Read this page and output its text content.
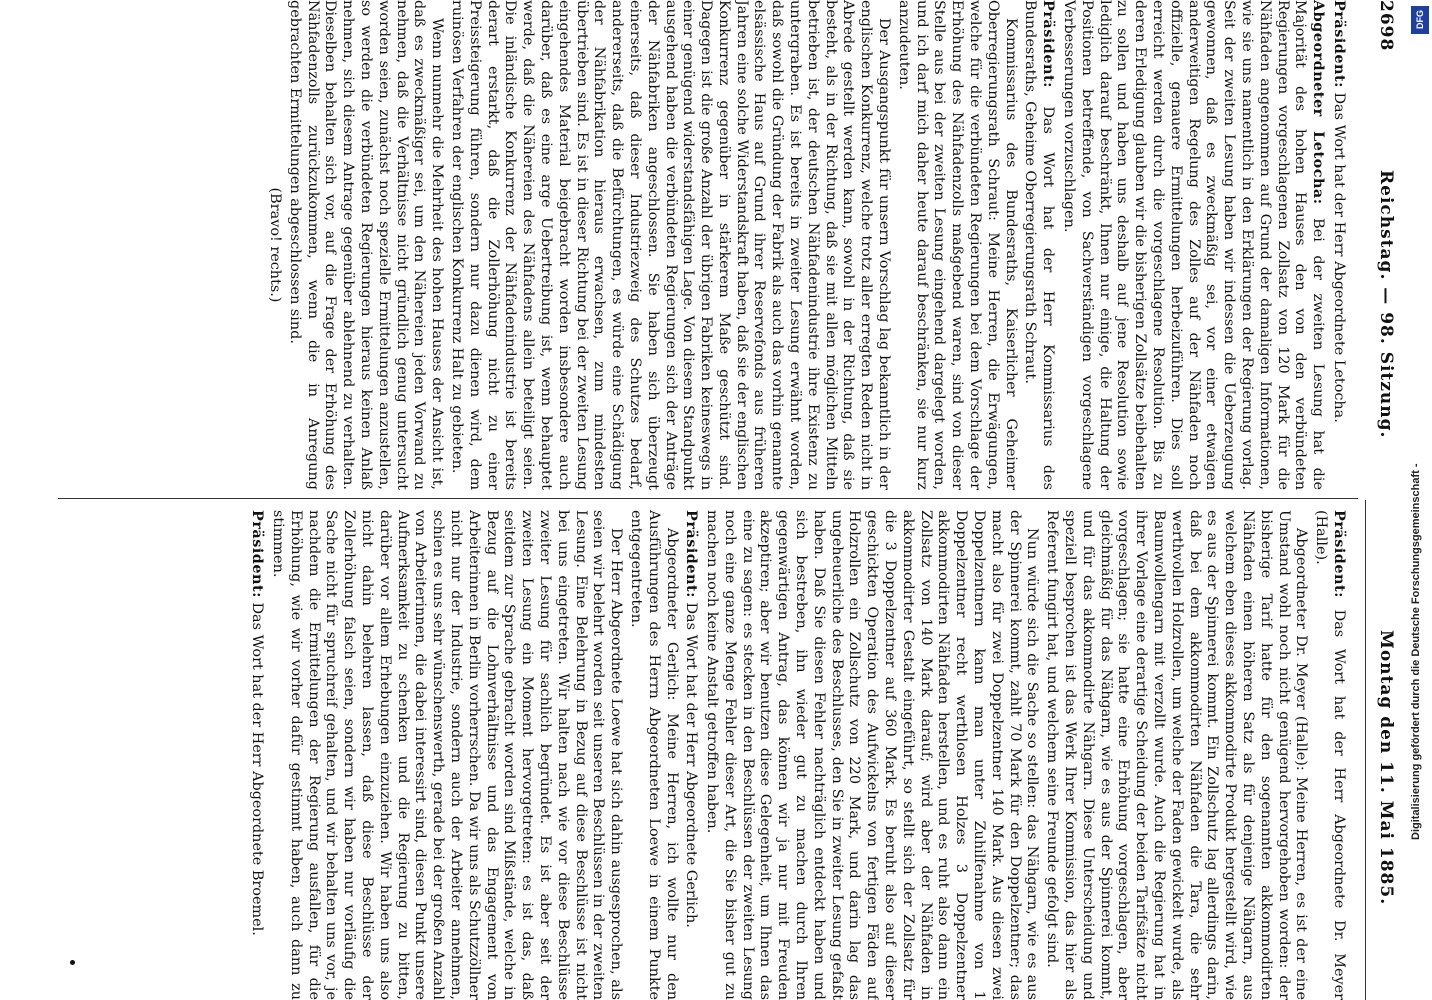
2698
Reichstag. — 98. Sitzung.
Montag den 11. Mai 1885.

Präsident: Das Wort hat der Herr Abgeordnete Letocha.

Abgeordneter Letocha: Bei der zweiten Lesung hat die Majorität des hohen Hauses den von den verbündeten Regierungen vorgeschlagenen Zollsatz von 120 Mark für die Nähfaden angenommen auf Grund der damaligen Informationen, wie sie uns namentlich in den Erklärungen der Regierung vorlag. Seit der zweiten Lesung haben wir indessen die Ueberzeugung gewonnen, daß es zweckmäßig sei, vor einer etwaigen anderweitigen Regelung des Zolles auf der Nähfaden noch offizielle, genauere Ermittelungen herbeizuführen. Dies soll erreicht werden durch die vorgeschlagene Resolution. Bis zu deren Erledigung glauben wir die bisherigen Zollsätze beibehalten zu sollen und haben uns deshalb auf jene Resolution sowie lediglich darauf beschränkt, Ihnen nur einige, die Haltung der Positionen betreffende, von Sachverständigen vorgeschlagene Verbesserungen vorzuschlagen.

Präsident: Das Wort hat der Herr Kommissarius des Bundesraths, Geheime Oberregierungsrath Schraut.

Kommissarius des Bundesraths, Kaiserlicher Geheimer Oberregierungsrath Schraut: Meine Herren, die Erwägungen, welche für die verbündeten Regierungen bei dem Vorschlage der Erhöhung des Nähfadenzolls maßgebend waren, sind von dieser Stelle aus bei der zweiten Lesung eingehend dargelegt worden, und ich darf mich daher heute darauf beschränken, sie nur kurz anzudeuten.

Der Ausgangspunkt für unsern Vorschlag lag bekanntlich in der englischen Konkurrenz, welche trotz aller erregten Reden nicht in Abrede gestellt werden kann, sowohl in der Richtung, daß sie besteht, als in der Richtung, daß sie mit allen möglichen Mitteln betrieben ist, der deutschen Nähfadenindustrie ihre Existenz zu untergraben. Es ist bereits in zweiter Lesung erwähnt worden, daß sowohl die Gründung der Fabrik als auch das vorhin genannte elsässische Haus auf Grund ihrer Reservefonds aus früheren Jahren eine solche Widerstandskraft haben, daß sie der englischen Konkurrenz gegenüber in stärkerem Maße geschützt sind. Dagegen ist die große Anzahl der übrigen Fabriken keineswegs in einer genügend widerstandsfähigen Lage. Von diesem Standpunkt ausgehend haben die verbündeten Regierungen sich der Anträge der Nähfabriken angeschlossen. Sie haben sich überzeugt einerseits, daß dieser Industriezweig des Schutzes bedarf, andererseits, daß die Befürchtungen, es würde eine Schädigung der Nähfabrikation hieraus erwachsen, zum mindesten übertrieben sind. Es ist in dieser Richtung bei der zweiten Lesung eingehendes Material beigebracht worden insbesondere auch darüber, daß es eine arge Uebertreibung ist, wenn behauptet werde, daß die Nähereien des Nähfadens allein beteiligt seien. Die inländische Konkurrenz der Nähfadenindustrie ist bereits derart erstarkt, daß die Zollerhöhung nicht zu einer Preissteigerung führen, sondern nur dazu dienen wird, dem ruinösen Verfahren der englischen Konkurrenz Halt zu gebieten.

Wenn nunmehr die Mehrheit des hohen Hauses der Ansicht ist, daß es zweckmäßiger sei, um den Nähereien jeden Vorwand zu nehmen, daß die Verhältnisse nicht gründlich genug untersucht worden seien, zunächst noch spezielle Ermittelungen anzustellen, so werden die verbündeten Regierungen hieraus keinen Anlaß nehmen, sich diesem Antrage gegenüber ablehnend zu verhalten. Dieselben behalten sich vor, auf die Frage der Erhöhung des Nähfadenzolls zurückzukommen, wenn die in Anregung gebrachten Ermittelungen abgeschlossen sind.

(Bravo! rechts.)

Präsident: Das Wort hat der Herr Abgeordnete Dr. Meyer (Halle).

Abgeordneter Dr. Meyer (Halle): Meine Herren, es ist der eine Umstand wohl noch nicht genügend hervorgehoben worden: der bisherige Tarif hatte für den sogenannten akkommodirten Nähfaden einen höheren Satz als für denjenige Nähgarn, aus welchem eben dieses akkommodirte Produkt hergestellt wird, wie es aus der Spinnerei kommt. Ein Zollschutz lag allerdings darin, daß bei dem akkommodirten Nähfaden die Tara, die sehr werthvollen Holzrollen, um welche der Faden gewickelt wurde, als Baumwollengarn mit verzollt wurde. Auch die Regierung hat in ihrer Vorlage eine derartige Scheidung der beiden Tarifsätze nicht vorgeschlagen; sie hatte eine Erhöhung vorgeschlagen, aber gleichmäßig für das Nähgarn, wie es aus der Spinnerei kommt, und für das akkommodirte Nähgarn. Diese Unterscheidung und speziell besprochen ist das Werk Ihrer Kommission, das hier als Referent fungirt hat, und welchem seine Freunde gefolgt sind.

Nun würde sich die Sache so stellen: das Nähgarn, wie es aus der Spinnerei kommt, zahlt 70 Mark für den Doppelzentner; das macht also für zwei Doppelzentner 140 Mark. Aus diesen zwei Doppelzentnern kann man unter Zuhilfenahme von 1 Doppelzentner recht werthlosen Holzes 3 Doppelzentner akkommodirten Nähfaden herstellen, und es ruht also dann ein Zollsatz von 140 Mark darauf; wird aber der Nähfaden in akkommodirter Gestalt eingeführt, so stellt sich der Zollsatz für die 3 Doppelzentner auf 360 Mark. Es beruht also auf dieser geschickten Operation des Aufwickelns von fertigen Fäden auf Holzrollen ein Zollschutz von 220 Mark, und darin lag das ungeheuerliche des Beschlusses, den Sie in zweiter Lesung gefaßt haben. Daß Sie diesen Fehler nachträglich entdeckt haben und sich bestreben, ihn wieder gut zu machen durch Ihren gegenwärtigen Antrag, das können wir ja nur mit Freuden akzeptiren; aber wir benutzen diese Gelegenheit, um Ihnen das eine zu sagen: es stecken in den Beschlüssen der zweiten Lesung noch eine ganze Menge Fehler dieser Art, die Sie bisher gut zu machen noch keine Anstalt getroffen haben.

Präsident: Das Wort hat der Herr Abgeordnete Gerlich.

Abgeordneter Gerlich: Meine Herren, ich wollte nur den Ausführungen des Herrn Abgeordneten Loewe in einem Punkte entgegentreten.

Der Herr Abgeordnete Loewe hat sich dahin ausgesprochen, als seien wir belehrt worden seit unseren Beschlüssen in der zweiten Lesung. Eine Belehrung in Bezug auf diese Beschlüsse ist nicht bei uns eingetreten. Wir halten nach wie vor diese Beschlüsse zweiter Lesung für sachlich begründet. Es ist aber seit der zweiten Lesung ein Moment hervorgetreten: es ist das, daß seitdem zur Sprache gebracht worden sind Mißstände, welche in Bezug auf die Lohnverhältnisse und das Engagement von Arbeiterinnen in Berlin vorherrschen. Da wir uns als Schutzzöllner nicht nur der Industrie, sondern auch der Arbeiter annehmen, schien es uns sehr wünschenswerth, gerade bei der großen Anzahl von Arbeiterinnen, die dabei interessirt sind, diesen Punkt unsere Aufmerksamkeit zu schenken und die Regierung zu bitten, darüber vor allem Erhebungen einzuziehen. Wir haben uns also nicht dahin belehren lassen, daß diese Beschlüsse der Zollerhöhung falsch seien, sondern wir haben nur vorläufig die Sache nicht für spruchreif gehalten, und wir behalten uns vor, je nachdem die Ermittelungen der Regierung ausfallen, für die Erhöhung, wie wir vorher dafür gestimmt haben, auch dann zu stimmen.

Präsident: Das Wort hat der Herr Abgeordnete Broemel.

DFG
Digitalisierung gefördert durch die Deutsche Forschungsgemeinschaft -
